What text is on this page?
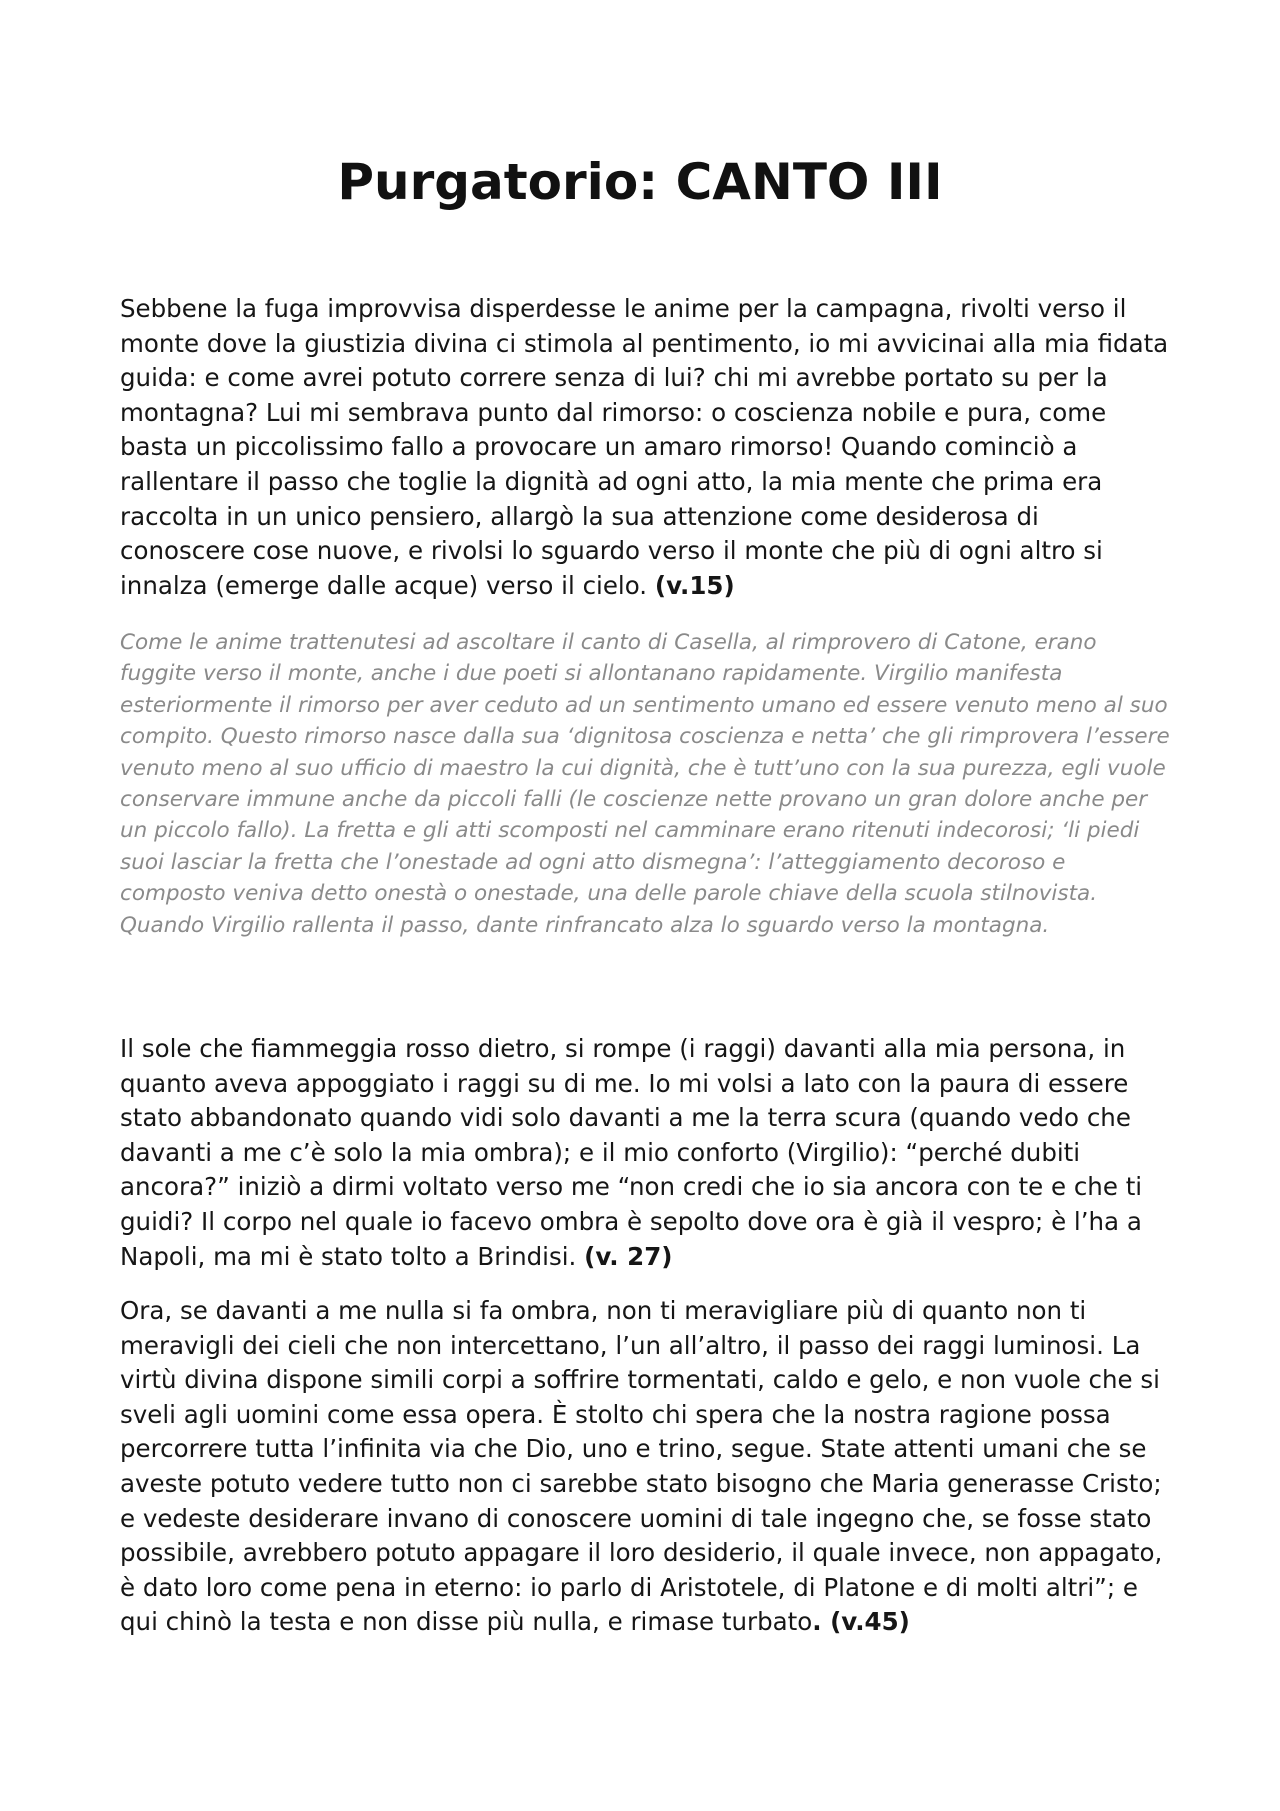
Purgatorio: CANTO III

Sebbene la fuga improvvisa disperdesse le anime per la campagna, rivolti verso il monte dove la giustizia divina ci stimola al pentimento, io mi avvicinai alla mia fidata guida: e come avrei potuto correre senza di lui? chi mi avrebbe portato su per la montagna? Lui mi sembrava punto dal rimorso: o coscienza nobile e pura, come basta un piccolissimo fallo a provocare un amaro rimorso! Quando cominciò a rallentare il passo che toglie la dignità ad ogni atto, la mia mente che prima era raccolta in un unico pensiero, allargò la sua attenzione come desiderosa di conoscere cose nuove, e rivolsi lo sguardo verso il monte che più di ogni altro si innalza (emerge dalle acque) verso il cielo. (v.15)

Come le anime trattenutesi ad ascoltare il canto di Casella, al rimprovero di Catone, erano fuggite verso il monte, anche i due poeti si allontanano rapidamente. Virgilio manifesta esteriormente il rimorso per aver ceduto ad un sentimento umano ed essere venuto meno al suo compito. Questo rimorso nasce dalla sua ‘dignitosa coscienza e netta’ che gli rimprovera l’essere venuto meno al suo ufficio di maestro la cui dignità, che è tutt’uno con la sua purezza, egli vuole conservare immune anche da piccoli falli (le coscienze nette provano un gran dolore anche per un piccolo fallo). La fretta e gli atti scomposti nel camminare erano ritenuti indecorosi; ‘li piedi suoi lasciar la fretta che l’onestade ad ogni atto dismegna’: l’atteggiamento decoroso e composto veniva detto onestà o onestade, una delle parole chiave della scuola stilnovista.
Quando Virgilio rallenta il passo, dante rinfrancato alza lo sguardo verso la montagna.

Il sole che fiammeggia rosso dietro, si rompe (i raggi) davanti alla mia persona, in quanto aveva appoggiato i raggi su di me. Io mi volsi a lato con la paura di essere stato abbandonato quando vidi solo davanti a me la terra scura (quando vedo che davanti a me c’è solo la mia ombra); e il mio conforto (Virgilio): “perché dubiti ancora?” iniziò a dirmi voltato verso me “non credi che io sia ancora con te e che ti guidi? Il corpo nel quale io facevo ombra è sepolto dove ora è già il vespro; è l’ha a Napoli, ma mi è stato tolto a Brindisi. (v. 27)

Ora, se davanti a me nulla si fa ombra, non ti meravigliare più di quanto non ti meravigli dei cieli che non intercettano, l’un all’altro, il passo dei raggi luminosi. La virtù divina dispone simili corpi a soffrire tormentati, caldo e gelo, e non vuole che si sveli agli uomini come essa opera. È stolto chi spera che la nostra ragione possa percorrere tutta l’infinita via che Dio, uno e trino, segue. State attenti umani che se aveste potuto vedere tutto non ci sarebbe stato bisogno che Maria generasse Cristo; e vedeste desiderare invano di conoscere uomini di tale ingegno che, se fosse stato possibile, avrebbero potuto appagare il loro desiderio, il quale invece, non appagato, è dato loro come pena in eterno: io parlo di Aristotele, di Platone e di molti altri”; e qui chinò la testa e non disse più nulla, e rimase turbato. (v.45)
